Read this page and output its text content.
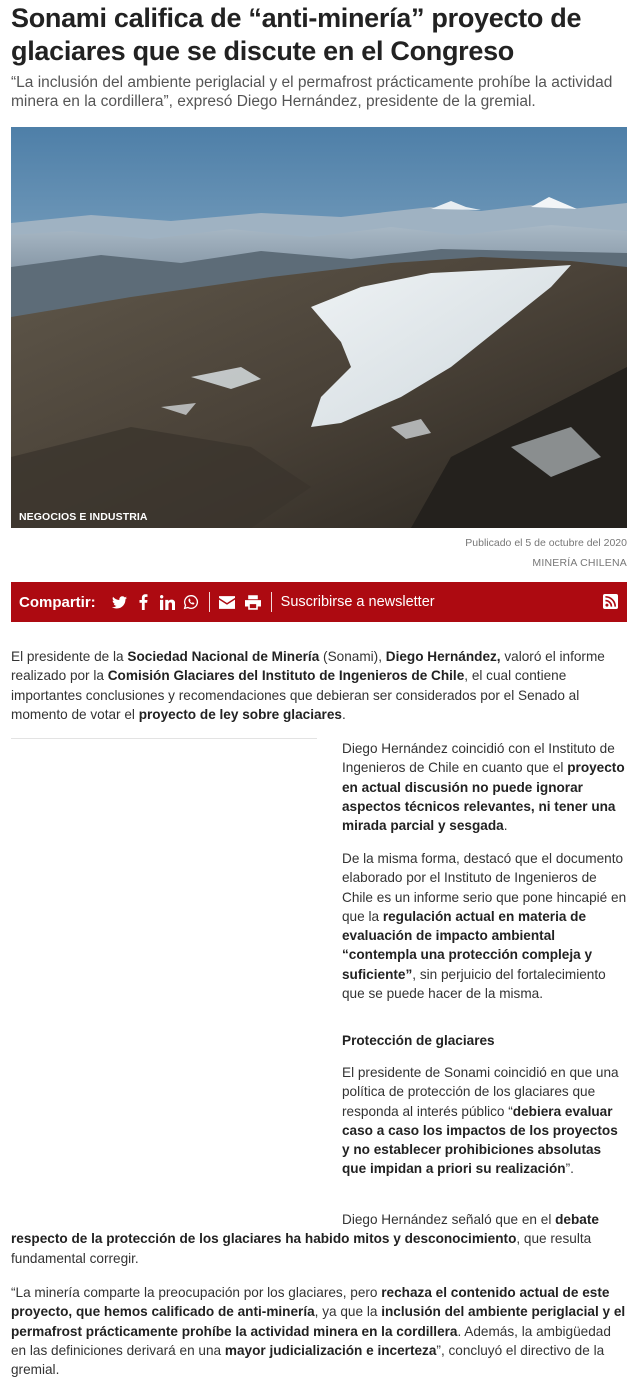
Sonami califica de “anti-minería” proyecto de glaciares que se discute en el Congreso

“La inclusión del ambiente periglacial y el permafrost prácticamente prohíbe la actividad minera en la cordillera”, expresó Diego Hernández, presidente de la gremial.

NEGOCIOS E INDUSTRIA
Publicado el 5 de octubre del 2020
MINERÍA CHILENA
Compartir:	Suscribirse a newsletter

El presidente de la Sociedad Nacional de Minería (Sonami), Diego Hernández, valoró el informe realizado por la Comisión Glaciares del Instituto de Ingenieros de Chile, el cual contiene importantes conclusiones y recomendaciones que debieran ser considerados por el Senado al momento de votar el proyecto de ley sobre glaciares.

Diego Hernández coincidió con el Instituto de Ingenieros de Chile en cuanto que el proyecto en actual discusión no puede ignorar aspectos técnicos relevantes, ni tener una mirada parcial y sesgada.

De la misma forma, destacó que el documento elaborado por el Instituto de Ingenieros de Chile es un informe serio que pone hincapié en que la regulación actual en materia de evaluación de impacto ambiental “contempla una protección compleja y suficiente”, sin perjuicio del fortalecimiento que se puede hacer de la misma.

Protección de glaciares

El presidente de Sonami coincidió en que una política de protección de los glaciares que responda al interés público “debiera evaluar caso a caso los impactos de los proyectos y no establecer prohibiciones absolutas que impidan a priori su realización”.

Diego Hernández señaló que en el debate respecto de la protección de los glaciares ha habido mitos y desconocimiento, que resulta fundamental corregir.

“La minería comparte la preocupación por los glaciares, pero rechaza el contenido actual de este proyecto, que hemos calificado de anti-minería, ya que la inclusión del ambiente periglacial y el permafrost prácticamente prohíbe la actividad minera en la cordillera. Además, la ambigüedad en las definiciones derivará en una mayor judicialización e incerteza”, concluyó el directivo de la gremial.
